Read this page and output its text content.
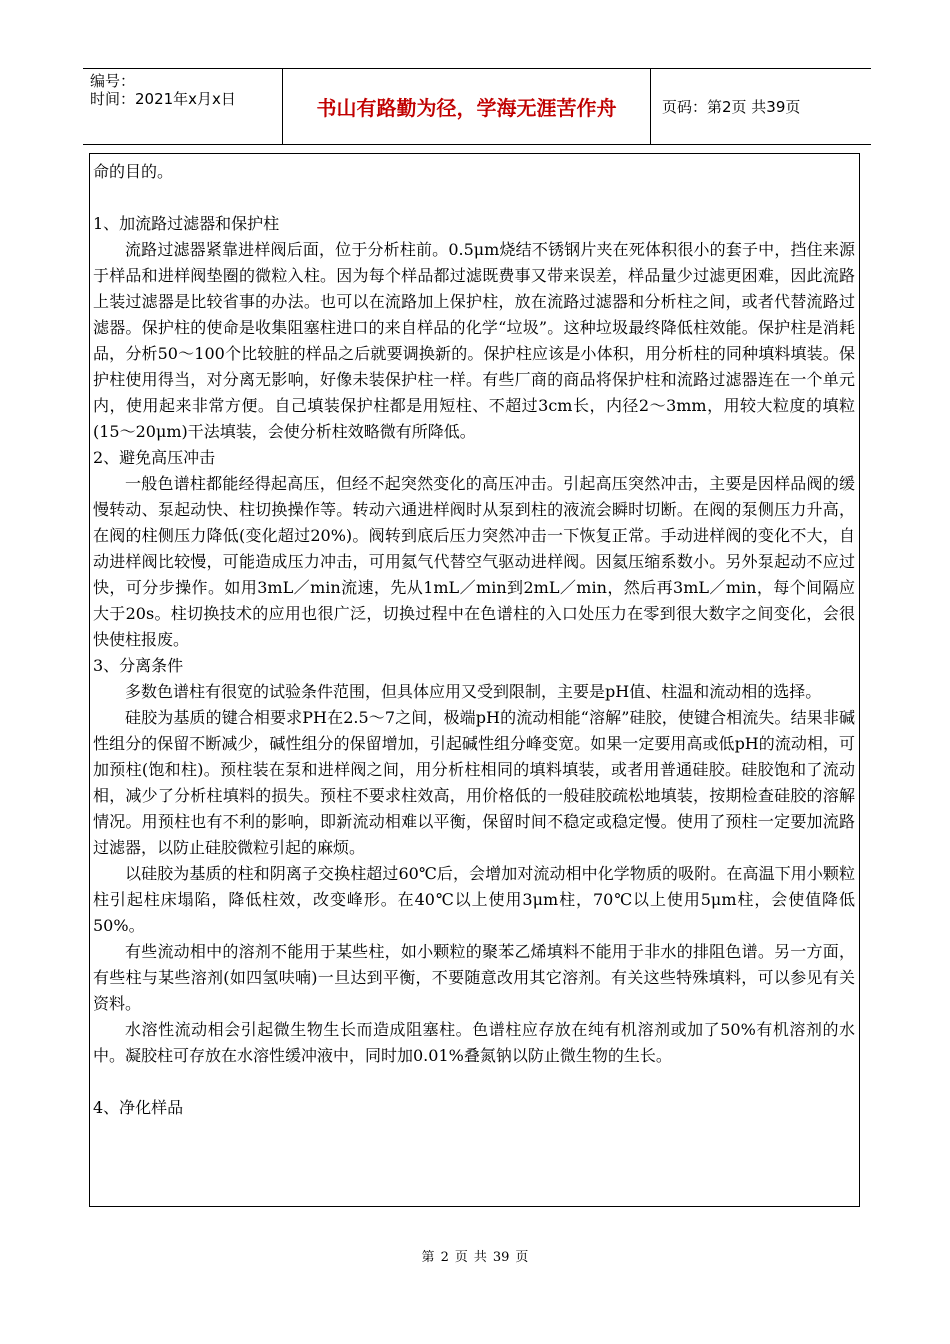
编号：
时间：2021年x月x日	书山有路勤为径，学海无涯苦作舟	页码：第2页 共39页

命的目的。

1、加流路过滤器和保护柱

流路过滤器紧靠进样阀后面，位于分析柱前。0.5μm烧结不锈钢片夹在死体积很小的套子中，挡住来源于样品和进样阀垫圈的微粒入柱。因为每个样品都过滤既费事又带来误差，样品量少过滤更困难，因此流路上装过滤器是比较省事的办法。也可以在流路加上保护柱，放在流路过滤器和分析柱之间，或者代替流路过滤器。保护柱的使命是收集阻塞柱进口的来自样品的化学“垃圾”。这种垃圾最终降低柱效能。保护柱是消耗品，分析50～100个比较脏的样品之后就要调换新的。保护柱应该是小体积，用分析柱的同种填料填装。保护柱使用得当，对分离无影响，好像未装保护柱一样。有些厂商的商品将保护柱和流路过滤器连在一个单元内，使用起来非常方便。自己填装保护柱都是用短柱、不超过3cm长，内径2～3mm，用较大粒度的填粒(15～20μm)干法填装，会使分析柱效略微有所降低。

2、避免高压冲击

一般色谱柱都能经得起高压，但经不起突然变化的高压冲击。引起高压突然冲击，主要是因样品阀的缓慢转动、泵起动快、柱切换操作等。转动六通进样阀时从泵到柱的液流会瞬时切断。在阀的泵侧压力升高，在阀的柱侧压力降低(变化超过20%)。阀转到底后压力突然冲击一下恢复正常。手动进样阀的变化不大，自动进样阀比较慢，可能造成压力冲击，可用氦气代替空气驱动进样阀。因氦压缩系数小。另外泵起动不应过快，可分步操作。如用3mL／min流速，先从1mL／min到2mL／min，然后再3mL／min，每个间隔应大于20s。柱切换技术的应用也很广泛，切换过程中在色谱柱的入口处压力在零到很大数字之间变化，会很快使柱报废。

3、分离条件

多数色谱柱有很宽的试验条件范围，但具体应用又受到限制，主要是pH值、柱温和流动相的选择。

硅胶为基质的键合相要求PH在2.5～7之间，极端pH的流动相能“溶解”硅胶，使键合相流失。结果非碱性组分的保留不断减少，碱性组分的保留增加，引起碱性组分峰变宽。如果一定要用高或低pH的流动相，可加预柱(饱和柱)。预柱装在泵和进样阀之间，用分析柱相同的填料填装，或者用普通硅胶。硅胶饱和了流动相，减少了分析柱填料的损失。预柱不要求柱效高，用价格低的一般硅胶疏松地填装，按期检查硅胶的溶解情况。用预柱也有不利的影响，即新流动相难以平衡，保留时间不稳定或稳定慢。使用了预柱一定要加流路过滤器，以防止硅胶微粒引起的麻烦。

以硅胶为基质的柱和阴离子交换柱超过60℃后，会增加对流动相中化学物质的吸附。在高温下用小颗粒柱引起柱床塌陷，降低柱效，改变峰形。在40℃以上使用3μm柱，70℃以上使用5μm柱，会使值降低50%。

有些流动相中的溶剂不能用于某些柱，如小颗粒的聚苯乙烯填料不能用于非水的排阻色谱。另一方面，有些柱与某些溶剂(如四氢呋喃)一旦达到平衡，不要随意改用其它溶剂。有关这些特殊填料，可以参见有关资料。

水溶性流动相会引起微生物生长而造成阻塞柱。色谱柱应存放在纯有机溶剂或加了50%有机溶剂的水中。凝胶柱可存放在水溶性缓冲液中，同时加0.01%叠氮钠以防止微生物的生长。

4、净化样品

第 2 页 共 39 页
